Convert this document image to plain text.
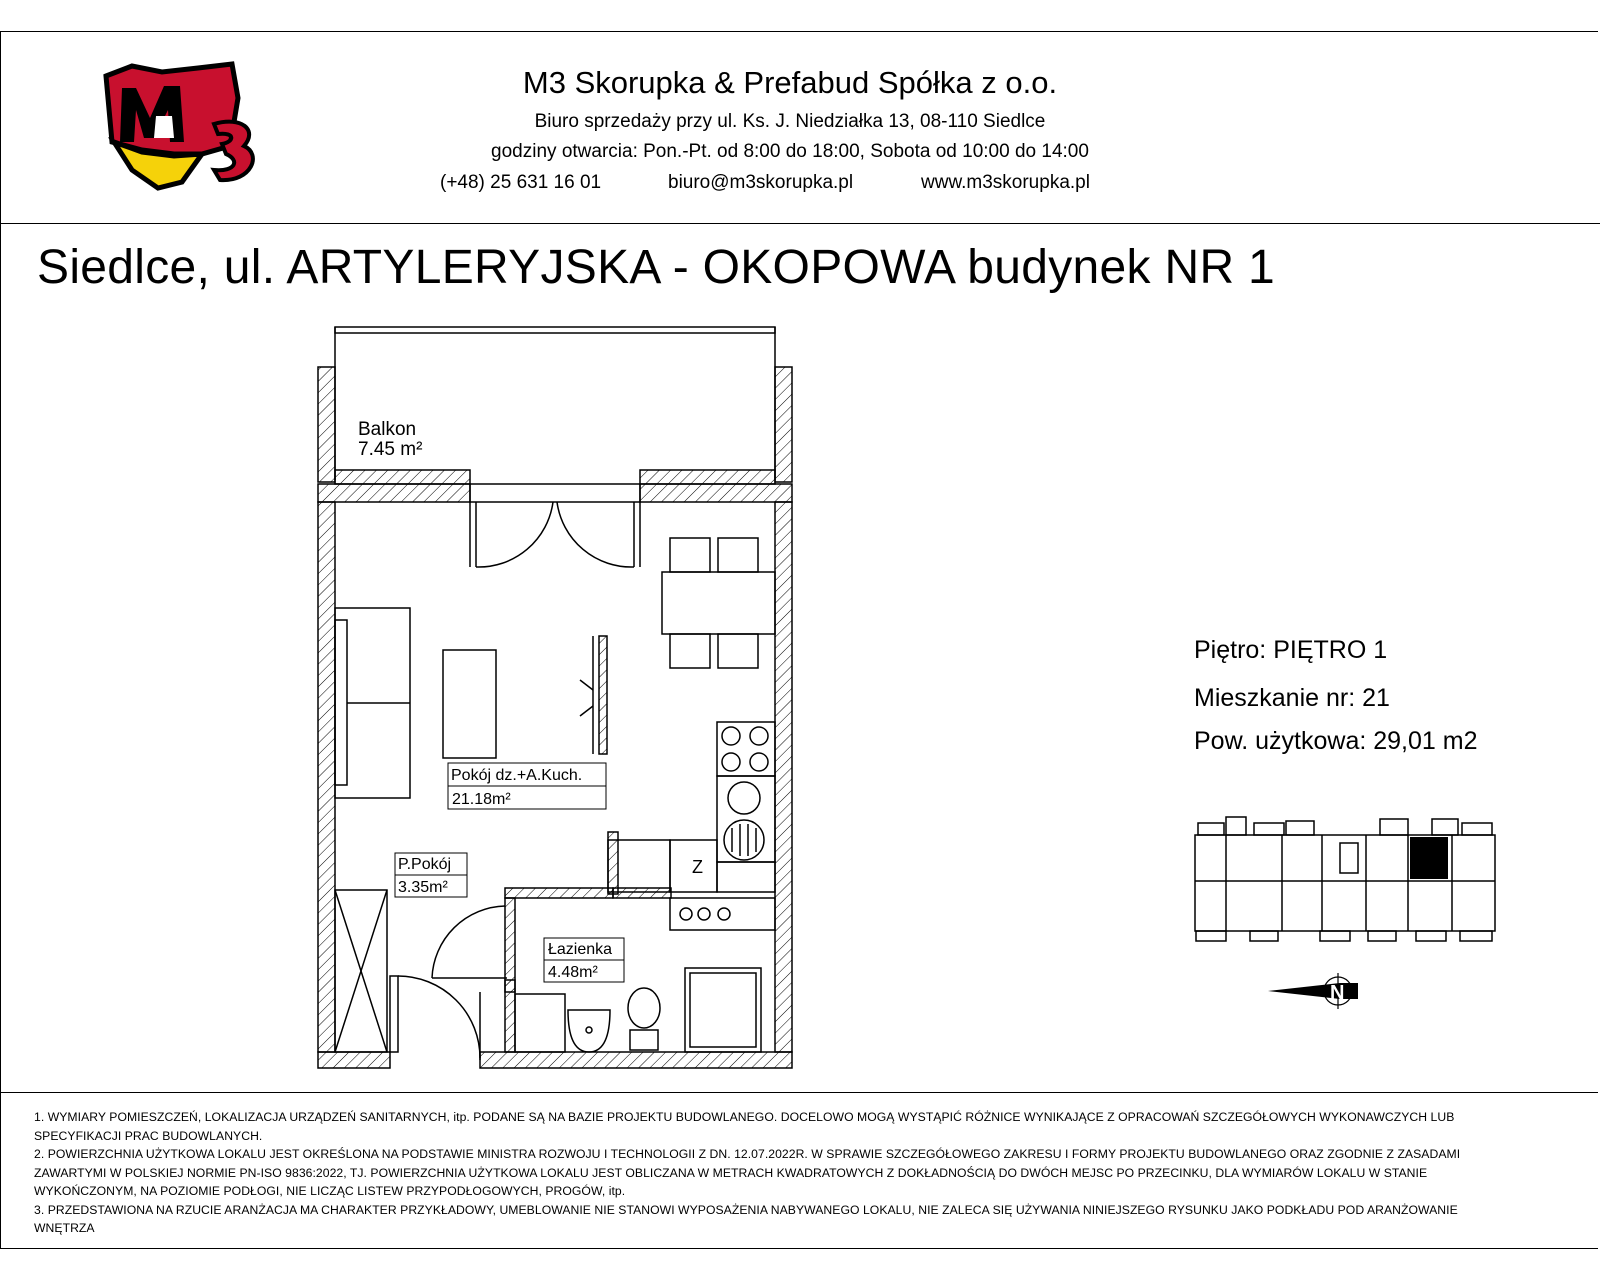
M3 Skorupka & Prefabud Spółka z o.o.
Biuro sprzedaży przy ul. Ks. J. Niedziałka 13, 08-110 Siedlce
godziny otwarcia: Pon.-Pt. od 8:00 do 18:00, Sobota od 10:00 do 14:00
(+48) 25 631 16 01	biuro@m3skorupka.pl	www.m3skorupka.pl
Siedlce, ul. ARTYLERYJSKA - OKOPOWA budynek NR 1
Balkon
7.45 m²
Pokój dz.+A.Kuch.
21.18m²
P.Pokój
3.35m²
Łazienka
4.48m²
Z
Piętro: PIĘTRO 1
Mieszkanie nr: 21
Pow. użytkowa: 29,01 m2
N

1. WYMIARY POMIESZCZEŃ, LOKALIZACJA URZĄDZEŃ SANITARNYCH, itp. PODANE SĄ NA BAZIE PROJEKTU BUDOWLANEGO. DOCELOWO MOGĄ WYSTĄPIĆ RÓŻNICE WYNIKAJĄCE Z OPRACOWAŃ SZCZEGÓŁOWYCH WYKONAWCZYCH LUB SPECYFIKACJI PRAC BUDOWLANYCH.

2. POWIERZCHNIA UŻYTKOWA LOKALU JEST OKREŚLONA NA PODSTAWIE MINISTRA ROZWOJU I TECHNOLOGII Z DN. 12.07.2022R. W SPRAWIE SZCZEGÓŁOWEGO ZAKRESU I FORMY PROJEKTU BUDOWLANEGO ORAZ ZGODNIE Z ZASADAMI ZAWARTYMI W POLSKIEJ NORMIE PN-ISO 9836:2022, TJ. POWIERZCHNIA UŻYTKOWA LOKALU JEST OBLICZANA W METRACH KWADRATOWYCH Z DOKŁADNOŚCIĄ DO DWÓCH MEJSC PO PRZECINKU, DLA WYMIARÓW LOKALU W STANIE WYKOŃCZONYM, NA POZIOMIE PODŁOGI, NIE LICZĄC LISTEW PRZYPODŁOGOWYCH, PROGÓW, itp.

3. PRZEDSTAWIONA NA RZUCIE ARANŻACJA MA CHARAKTER PRZYKŁADOWY, UMEBLOWANIE NIE STANOWI WYPOSAŻENIA NABYWANEGO LOKALU, NIE ZALECA SIĘ UŻYWANIA NINIEJSZEGO RYSUNKU JAKO PODKŁADU POD ARANŻOWANIE WNĘTRZA
